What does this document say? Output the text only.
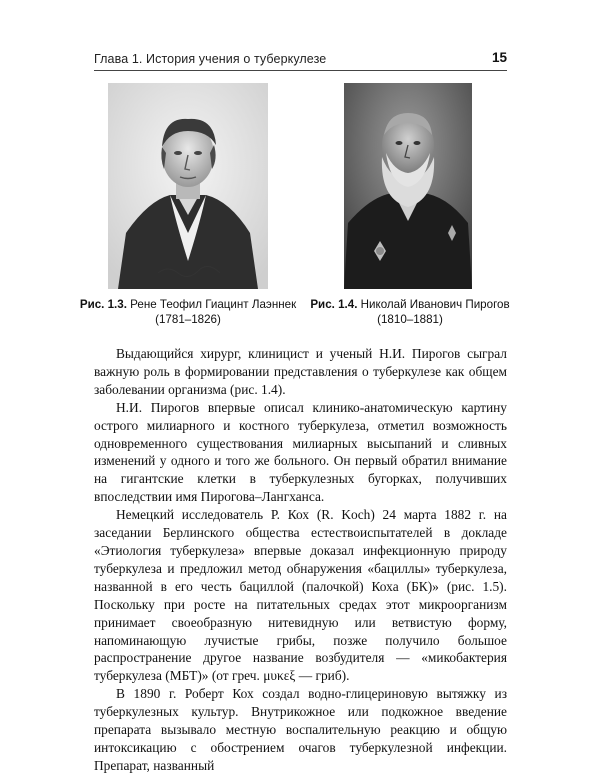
Глава 1. История учения о туберкулезе	15
Рис. 1.3. Рене Теофил Гиацинт Лаэннек
(1781–1826)
Рис. 1.4. Николай Иванович Пирогов
(1810–1881)

Выдающийся хирург, клиницист и ученый Н.И. Пирогов сыграл важную роль в формировании представления о туберкулезе как общем заболевании организма (рис. 1.4).

Н.И. Пирогов впервые описал клинико-анатомическую картину острого милиарного и костного туберкулеза, отметил возможность одновременного существования милиарных высыпаний и сливных изменений у одного и того же больного. Он первый обратил внимание на гигантские клетки в туберкулезных бугорках, получивших впоследствии имя Пирогова–Лангханса.

Немецкий исследователь Р. Кох (R. Koch) 24 марта 1882 г. на заседании Берлинского общества естествоиспытателей в докладе «Этиология туберкулеза» впервые доказал инфекционную природу туберкулеза и предложил метод обнаружения «бациллы» туберкулеза, названной в его честь бациллой (палочкой) Коха (БК)» (рис. 1.5). Поскольку при росте на питательных средах этот микроорганизм принимает своеобразную нитевидную или ветвистую форму, напоминающую лучистые грибы, позже получило большое распространение другое название возбудителя — «микобактерия туберкулеза (МБТ)» (от греч. μυκεξ — гриб).

В 1890 г. Роберт Кох создал водно-глицериновую вытяжку из туберкулезных культур. Внутрикожное или подкожное введение препарата вызывало местную воспалительную реакцию и общую интоксикацию с обострением очагов туберкулезной инфекции. Препарат, названный
